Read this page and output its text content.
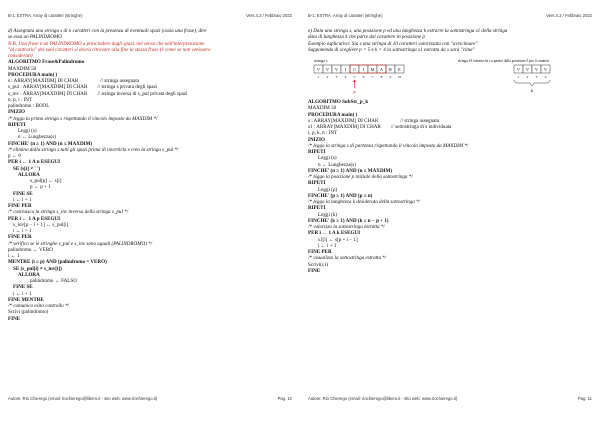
B-1: EXTRA: Array di caratteri (stringhe)	Vers.4.3 / Febbraio 2022
d) Assegnata una stringa s di n caratteri con la presenza di eventuali spazi (ossia una frase), dire
se essa un PALINDROMO
N.B. Una frase è un PALINDROMO a prescindere dagli spazi, nel senso che nell'interpretazione
"al contrario" dei suoi caratteri si dovrà ritrovare alla fine la stessa frase (è come se non venissero
considerati)
ALGORITMO Frase&Palindromo
MAXDIM 50
PROCEDURA main( )
s : ARRAY[MAXDIM] DI CHAR	// stringa assegnata
s_pul : ARRAY[MAXDIM] DI CHAR // stringa s privata degli spazi
s_inv : ARRAY[MAXDIM] DI CHAR // stringa inversa di s_pul privata degli spazi
n, p, i : INT
palindromo : BOOL
INIZIO
/* leggo la prima stringa s rispettando il vincolo imposto da MAXDIM */
RIPETI
Leggi (s)
n ← Lunghezza(s)
FINCHE' (n ≥ 1) AND (n ≤ MAXDIM)
/* elimino dalla stringa s tutti gli spazi prima di invertirla e creo la stringa s_pul */
p ← 0
PER i ← 1 A n ESEGUI
SE (s[i] ≠ ' ')
ALLORA
s_pul[p] ← s[i]
p ← p + 1
FINE SE
i ← i + 1
FINE PER
/* costruisco la stringa s_inv inversa della stringa s_pul */
PER i ← 1 A p ESEGUI
s_inv[p − i + 1] ← s_pul[i]
i ← i + 1
FINE PER
/* verifico se le stringhe s_pul e s_inv sono uguali (PALINDROMO) */
palindromo ← VERO
i ← 1
MENTRE (i ≤ p) AND (palindromo = VERO)
SE (s_pul[i] ≠ s_inv[i])
ALLORA
palindromo ← FALSO
FINE SE
i ← i + 1
FINE MENTRE
/* comunico esito controllo */
Scrivi (palindromo)
FINE
Autore: Rio Chierego (email: riochierego@libero.it - sito web: www.riochierego.it)	Pag. 10
B-1: EXTRA: Array di caratteri (stringhe)	Vers.4.3 / Febbraio 2022
e) Data una stringa s, una posizione p ed una lunghezza k estrarre la sottostringa s1 della stringa
data di lunghezza k che parte dal carattere in posizione p
Esempio esplicativo: Sia s una stringa di 10 caratteri valorizzata con "uvvicimare"
Supponendo di scegliere p = 5 e k = 4 la sottostringa s1 estratta da s sarà "cima"
stringa s
V
1
V
2
V
3
I
4
C
5
I
6
M
7
A
8
R
9
E
10
P
stringa S1 estratta da s a partire dalla posizione 5 per 4 caratteri
V
1
V
2
V
3
V
4
k
ALGORITMO SubStr_p_k
MAXDIM 50
PROCEDURA main( )
s : ARRAY[MAXDIM] DI CHAR	// stringa assegnata
s1 : ARRAY[MAXDIM] DI CHAR // sottostringa di s individuata
i, p, k, n : INT
INIZIO
/* leggo la stringa s di partenza rispettando il vincolo imposto da MAXDIM */
RIPETI
Leggi (s)
n ← Lunghezza(s)
FINCHE' (n ≥ 1) AND (n ≤ MAXDIM)
/* leggo la posizione p iniziale della sottostringa */
RIPETI
Leggi (p)
FINCHE' (p ≥ 1) AND (p ≤ n)
/* leggo la lunghezza k desiderata della sottostringa */
RIPETI
Leggi (k)
FINCHE' (k ≥ 1) AND (k ≤ n − p + 1)
/* valorizzo la sottostringa estratta */
PER i ← 1 A k ESEGUI
s1[i] ← s[p + i − 1]
i ← i + 1
FINE PER
/* visualizzo la sottostringa estratta */
Scrivi(s1)
FINE
Autore: Rio Chierego (email: riochierego@libero.it - sito web: www.riochierego.it)	Pag. 11
